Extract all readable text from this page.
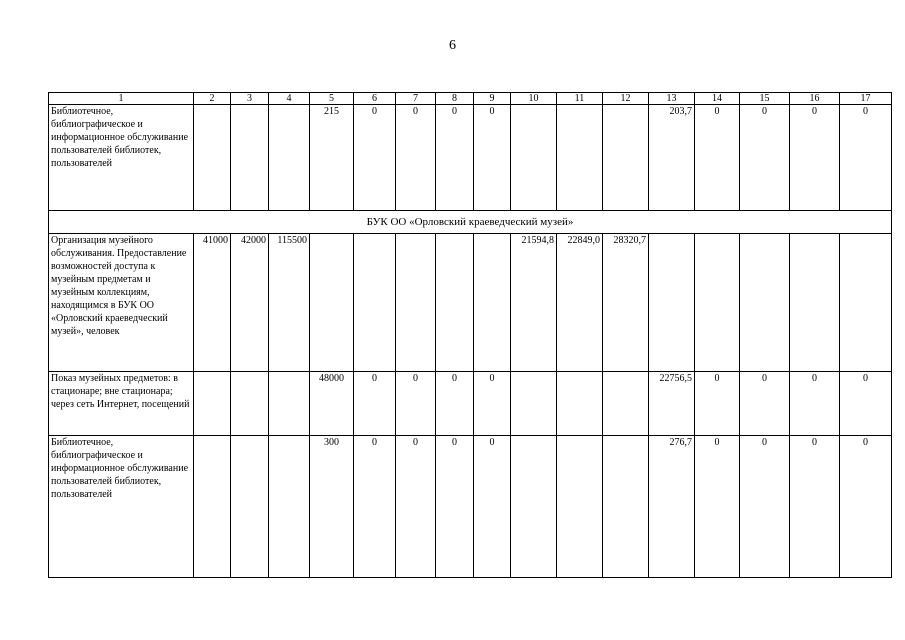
6
1	2	3	4	5	6	7	8	9	10	11	12	13	14	15	16	17
Библиотечное, библиографическое и информационное обслуживание пользователей библиотек, пользователей				215	0	0	0	0				203,7	0	0	0	0
БУК ОО «Орловский краеведческий музей»																
Организация музейного обслуживания. Предоставление возможностей доступа к музейным предметам и музейным коллекциям, находящимся в БУК ОО «Орловский краеведческий музей», человек	41000	42000	115500						21594,8	22849,0	28320,7					
Показ музейных предметов: в стационаре; вне стационара; через сеть Интернет, посещений				48000	0	0	0	0				22756,5	0	0	0	0
Библиотечное, библиографическое и информационное обслуживание пользователей библиотек, пользователей				300	0	0	0	0				276,7	0	0	0	0
